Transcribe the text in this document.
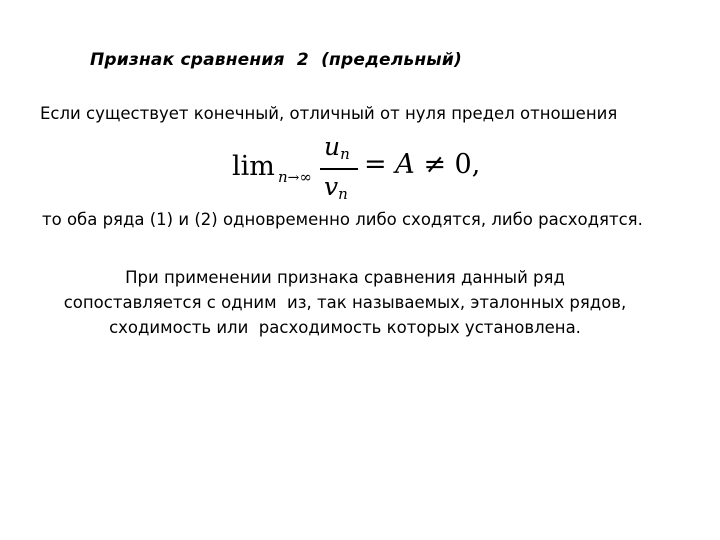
Признак сравнения  2  (предельный)
Если существует конечный, отличный от нуля предел отношения
lim n→∞
$u_n$
$v_n$
= A ≠ 0,
то оба ряда (1) и (2) одновременно либо сходятся, либо расходятся.
При применении признака сравнения данный ряд
сопоставляется с одним  из, так называемых, эталонных рядов,
сходимость или  расходимость которых установлена.
